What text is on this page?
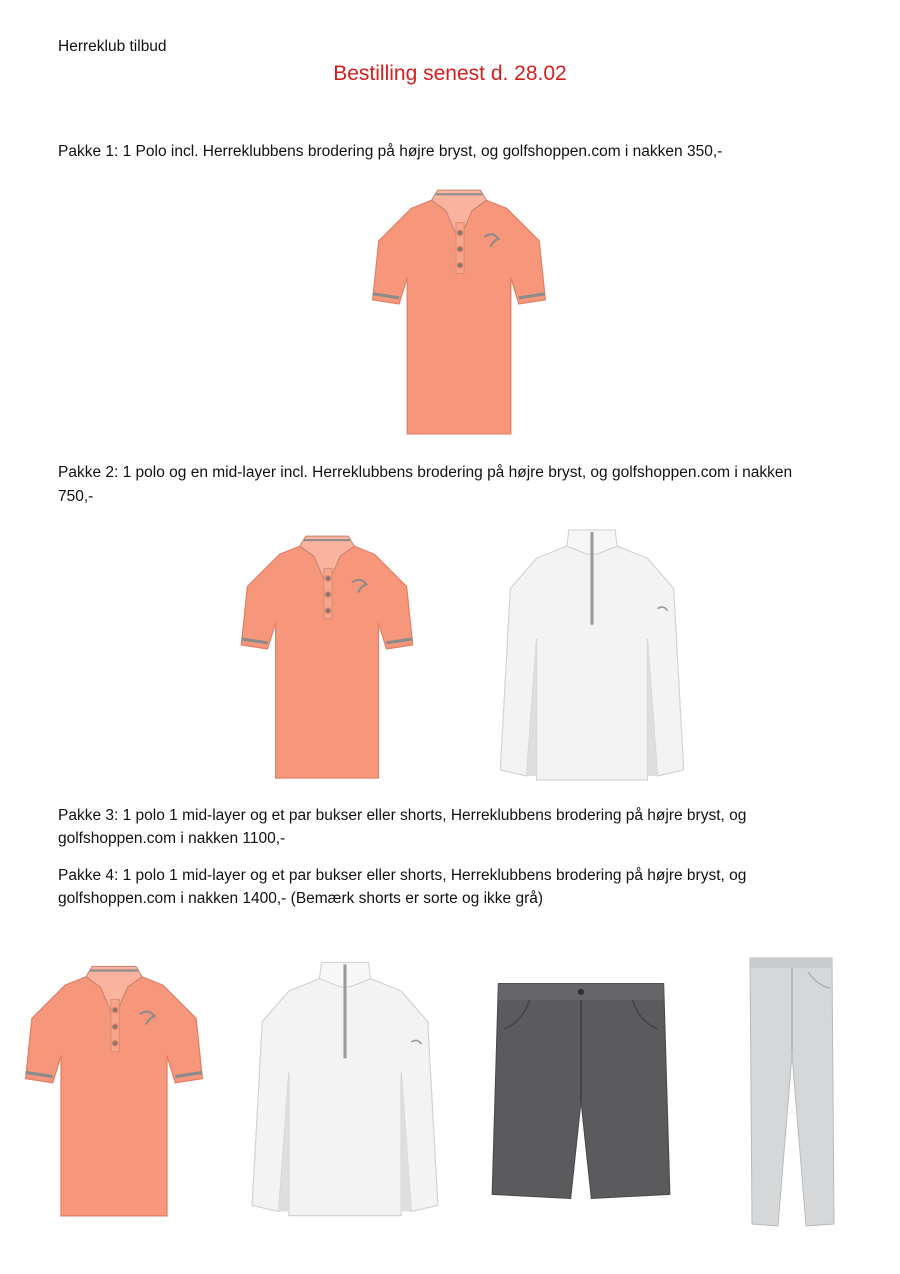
Herreklub tilbud
Bestilling senest d. 28.02
Pakke 1: 1 Polo incl. Herreklubbens brodering på højre bryst, og golfshoppen.com i nakken 350,-
Pakke 2: 1 polo og en mid-layer incl. Herreklubbens brodering på højre bryst, og golfshoppen.com i nakken
750,-
Pakke 3: 1 polo 1 mid-layer og et par bukser eller shorts, Herreklubbens brodering på højre bryst, og
golfshoppen.com i nakken 1100,-
Pakke 4: 1 polo 1 mid-layer og et par bukser eller shorts, Herreklubbens brodering på højre bryst, og
golfshoppen.com i nakken 1400,- (Bemærk shorts er sorte og ikke grå)
